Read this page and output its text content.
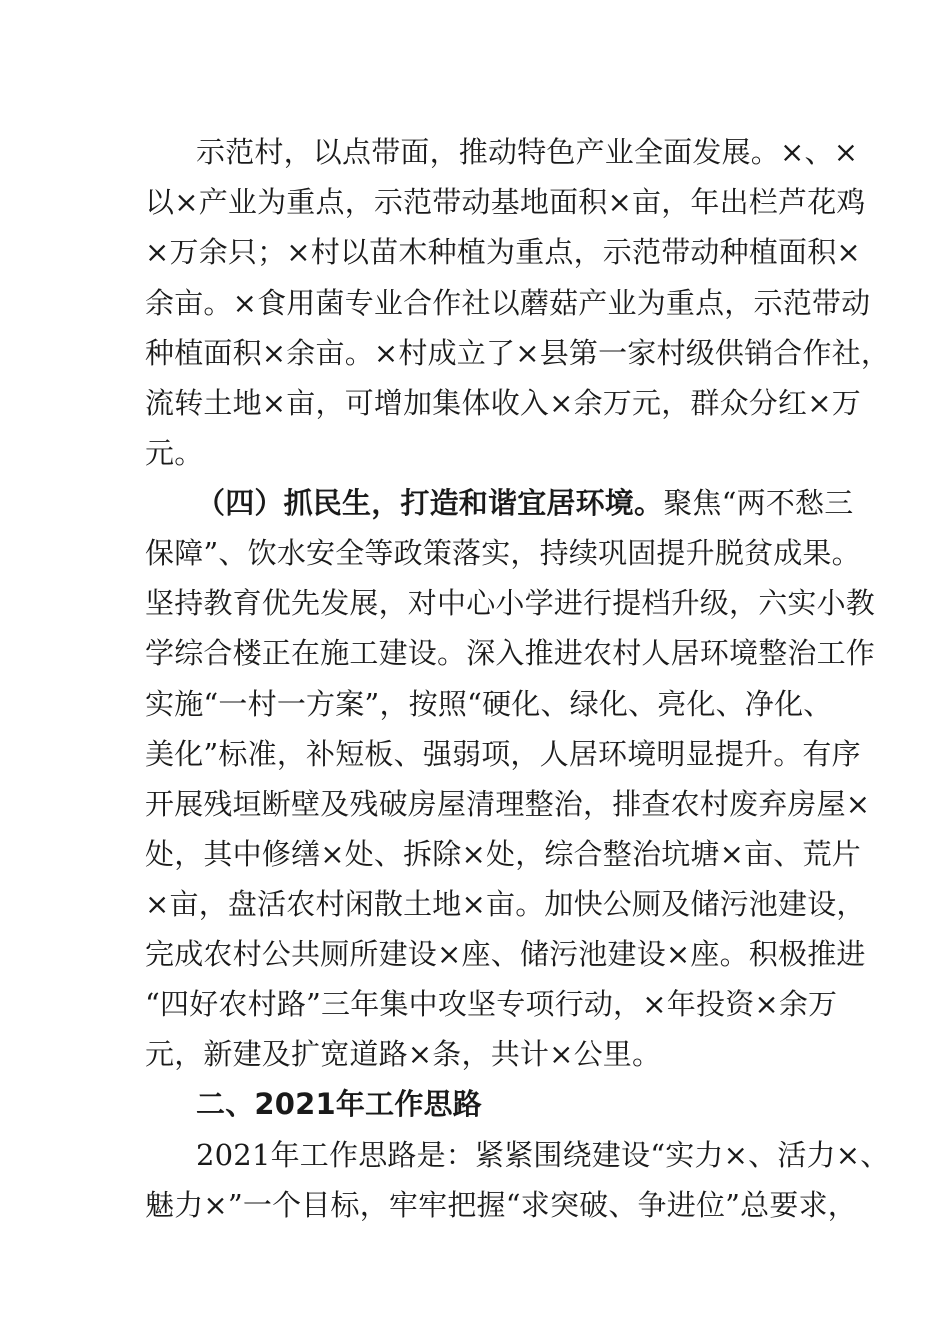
示范村，以点带面，推动特色产业全面发展。×、×

以×产业为重点，示范带动基地面积×亩，年出栏芦花鸡

×万余只；×村以苗木种植为重点，示范带动种植面积×

余亩。×食用菌专业合作社以蘑菇产业为重点，示范带动

种植面积×余亩。×村成立了×县第一家村级供销合作社，

流转土地×亩，可增加集体收入×余万元，群众分红×万

元。

（四）抓民生，打造和谐宜居环境。聚焦“两不愁三

保障”、饮水安全等政策落实，持续巩固提升脱贫成果。

坚持教育优先发展，对中心小学进行提档升级，六实小教

学综合楼正在施工建设。深入推进农村人居环境整治工作

实施“一村一方案”，按照“硬化、绿化、亮化、净化、

美化”标准，补短板、强弱项，人居环境明显提升。有序

开展残垣断壁及残破房屋清理整治，排查农村废弃房屋×

处，其中修缮×处、拆除×处，综合整治坑塘×亩、荒片

×亩，盘活农村闲散土地×亩。加快公厕及储污池建设，

完成农村公共厕所建设×座、储污池建设×座。积极推进

“四好农村路”三年集中攻坚专项行动，×年投资×余万

元，新建及扩宽道路×条，共计×公里。

二、2021年工作思路

2021年工作思路是：紧紧围绕建设“实力×、活力×、

魅力×”一个目标，牢牢把握“求突破、争进位”总要求，
